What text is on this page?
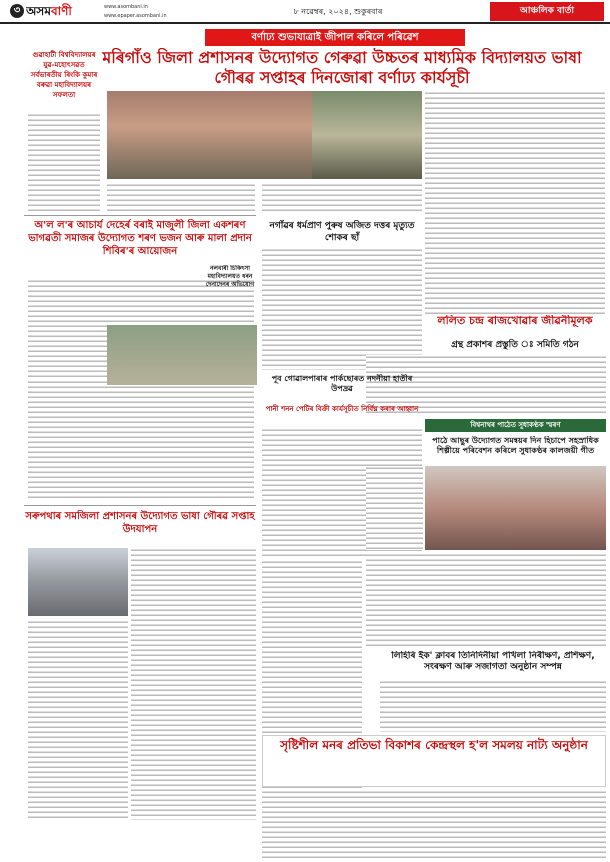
৩ অসমবাণী	www.asombani.in
www.epaper.asombani.in	৮ নৱেম্বৰ, ২০২৪, শুকুৰবাৰ	আঞ্চলিক বাৰ্তা
বৰ্ণাঢ্য শুভাযাত্ৰাই জীপাল কৰিলে পৰিৱেশ
মৰিগাঁও জিলা প্ৰশাসনৰ উদ্যোগত গেৰুৱা উচ্চতৰ মাধ্যমিক বিদ্যালয়ত ভাষা গৌৰৱ সপ্তাহৰ দিনজোৰা বৰ্ণাঢ্য কাৰ্যসূচী
গুৱাহাটী বিশ্ববিদ্যালয়ৰ যুৱ-মহোৎসৱত সৰ্বভাৰতীয় ৰিংকি কুমাৰ বৰুৱা মহাবিদ্যালয়ৰ সফলতা
অ'ল ল'ৰ আচাৰ্য দেহেৰ্ৰ বৰাই মাজুলী জিলা একশৰণ ভাগৱতী সমাজৰ উদ্যোগত শৰণ ভজন আৰু মালা প্ৰদান শিবিৰ'ৰ আয়োজন
নলবাৰী চিকিৎসা মহাবিদ্যালয়ত ধৰন দেনাদেনৰ অভিযোগ
নগাঁৱৰ ধৰ্মপ্ৰাণ পুৰুষ অজিত দত্তৰ মৃত্যুত শোকৰ ছাঁ
ললিত চন্দ্ৰ ৰাজখোৱাৰ জীৱনীমূলক
গ্ৰন্থ প্ৰকাশৰ প্ৰস্তুতি ঃ সমিতি গঠন
পূব গোৱালপাৰাৰ পাৰ্কছোৰত নদনীয়া হাতীৰ উপদ্ৰৱ
পানী শনন পেটিৰ বিক্ৰী কাৰ্যসূচীত নিৰ্বিঘ্ন কৰাৰ আহ্বান
বিশ্বনাথৰ পাঠেত সুধাকণ্ঠক স্মৰণ
পাঠে আছুৰ উদ্যোগত সমন্বয়ৰ দিন হিচাপে সহস্ৰাধিক শিল্পীয়ে পৰিবেশন কৰিলে সুধাকণ্ঠৰ কালজয়ী গীত
সৰুপথাৰ সমজিলা প্ৰশাসনৰ উদ্যোগত ভাষা গৌৰৱ সপ্তাহ উদযাপন
লিহিৰি ইক' ক্লাবৰ তিনিদিনীয়া পখিলা নিৰীক্ষণ, প্ৰশিক্ষণ, সংৰক্ষণ আৰু সজাগতা অনুষ্ঠান সম্পন্ন
সৃষ্টিশীল মনৰ প্ৰতিভা বিকাশৰ কেন্দ্ৰস্থল হ'ল সমলয় নাট্য অনুষ্ঠান
